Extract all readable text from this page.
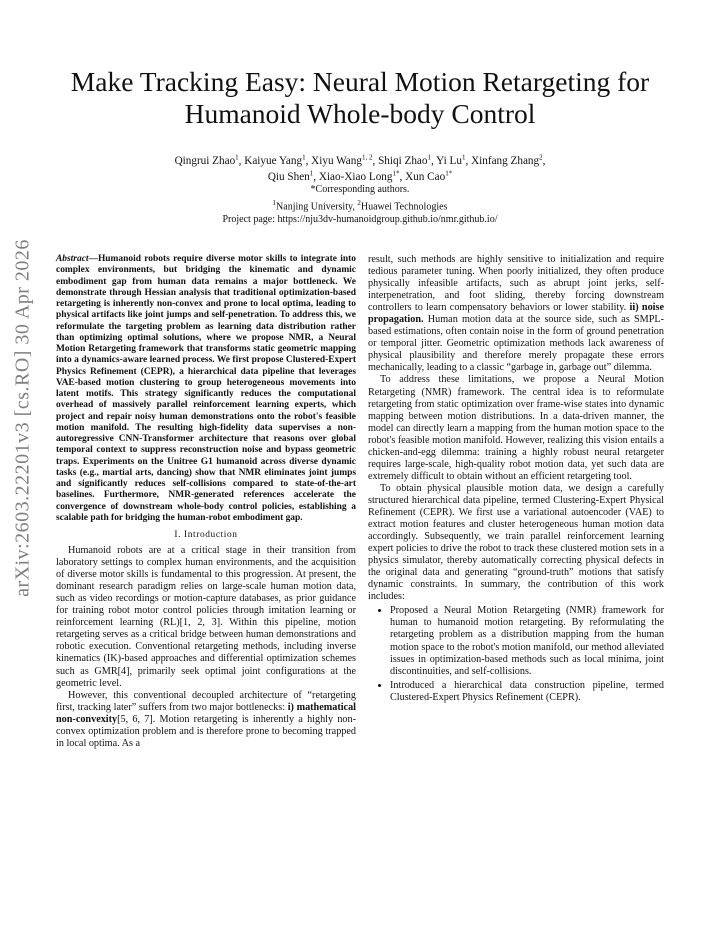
arXiv:2603.22201v3 [cs.RO] 30 Apr 2026
Make Tracking Easy: Neural Motion Retargeting for Humanoid Whole-body Control
Qingrui Zhao$^1$, Kaiyue Yang$^1$, Xiyu Wang$^{1, 2}$, Shiqi Zhao$^1$, Yi Lu$^1$, Xinfang Zhang$^2$,
Qiu Shen$^1$, Xiao-Xiao Long$^{1*}$, Xun Cao$^{1*}$
*Corresponding authors.
$^1$Nanjing University, $^2$Huawei Technologies
Project page: https://nju3dv-humanoidgroup.github.io/nmr.github.io/

Abstract—Humanoid robots require diverse motor skills to integrate into complex environments, but bridging the kinematic and dynamic embodiment gap from human data remains a major bottleneck. We demonstrate through Hessian analysis that traditional optimization-based retargeting is inherently non-convex and prone to local optima, leading to physical artifacts like joint jumps and self-penetration. To address this, we reformulate the targeting problem as learning data distribution rather than optimizing optimal solutions, where we propose NMR, a Neural Motion Retargeting framework that transforms static geometric mapping into a dynamics-aware learned process. We first propose Clustered-Expert Physics Refinement (CEPR), a hierarchical data pipeline that leverages VAE-based motion clustering to group heterogeneous movements into latent motifs. This strategy significantly reduces the computational overhead of massively parallel reinforcement learning experts, which project and repair noisy human demonstrations onto the robot's feasible motion manifold. The resulting high-fidelity data supervises a non-autoregressive CNN-Transformer architecture that reasons over global temporal context to suppress reconstruction noise and bypass geometric traps. Experiments on the Unitree G1 humanoid across diverse dynamic tasks (e.g., martial arts, dancing) show that NMR eliminates joint jumps and significantly reduces self-collisions compared to state-of-the-art baselines. Furthermore, NMR-generated references accelerate the convergence of downstream whole-body control policies, establishing a scalable path for bridging the human-robot embodiment gap.

I. Introduction

Humanoid robots are at a critical stage in their transition from laboratory settings to complex human environments, and the acquisition of diverse motor skills is fundamental to this progression. At present, the dominant research paradigm relies on large-scale human motion data, such as video recordings or motion-capture databases, as prior guidance for training robot motor control policies through imitation learning or reinforcement learning (RL)[1, 2, 3]. Within this pipeline, motion retargeting serves as a critical bridge between human demonstrations and robotic execution. Conventional retargeting methods, including inverse kinematics (IK)-based approaches and differential optimization schemes such as GMR[4], primarily seek optimal joint configurations at the geometric level.

However, this conventional decoupled architecture of “retargeting first, tracking later” suffers from two major bottlenecks: i) mathematical non-convexity[5, 6, 7]. Motion retargeting is inherently a highly non-convex optimization problem and is therefore prone to becoming trapped in local optima. As a

result, such methods are highly sensitive to initialization and require tedious parameter tuning. When poorly initialized, they often produce physically infeasible artifacts, such as abrupt joint jerks, self-interpenetration, and foot sliding, thereby forcing downstream controllers to learn compensatory behaviors or lower stability. ii) noise propagation. Human motion data at the source side, such as SMPL-based estimations, often contain noise in the form of ground penetration or temporal jitter. Geometric optimization methods lack awareness of physical plausibility and therefore merely propagate these errors mechanically, leading to a classic “garbage in, garbage out” dilemma.

To address these limitations, we propose a Neural Motion Retargeting (NMR) framework. The central idea is to reformulate retargeting from static optimization over frame-wise states into dynamic mapping between motion distributions. In a data-driven manner, the model can directly learn a mapping from the human motion space to the robot's feasible motion manifold. However, realizing this vision entails a chicken-and-egg dilemma: training a highly robust neural retargeter requires large-scale, high-quality robot motion data, yet such data are extremely difficult to obtain without an efficient retargeting tool.

To obtain physical plausible motion data, we design a carefully structured hierarchical data pipeline, termed Clustering-Expert Physical Refinement (CEPR). We first use a variational autoencoder (VAE) to extract motion features and cluster heterogeneous human motion data accordingly. Subsequently, we train parallel reinforcement learning expert policies to drive the robot to track these clustered motion sets in a physics simulator, thereby automatically correcting physical defects in the original data and generating “ground-truth” motions that satisfy dynamic constraints. In summary, the contribution of this work includes:

• Proposed a Neural Motion Retargeting (NMR) framework for human to humanoid motion retargeting. By reformulating the retargeting problem as a distribution mapping from the human motion space to the robot's motion manifold, our method alleviated issues in optimization-based methods such as local minima, joint discontinuities, and self-collisions.
• Introduced a hierarchical data construction pipeline, termed Clustered-Expert Physics Refinement (CEPR).
